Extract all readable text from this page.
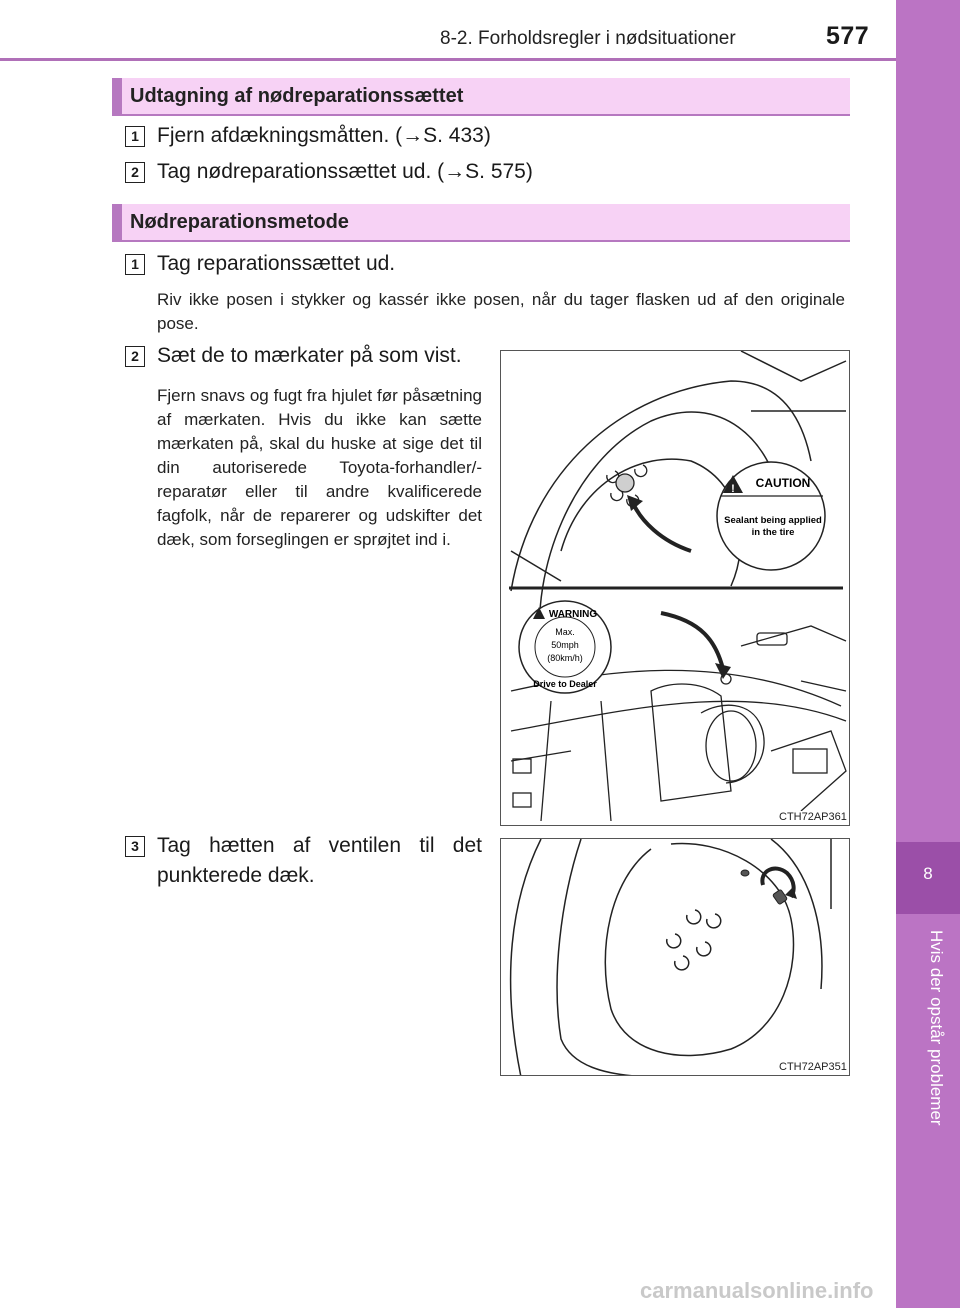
8-2. Forholdsregler i nødsituationer	577
8
Hvis der opstår problemer
Udtagning af nødreparationssættet
1 Fjern afdækningsmåtten. (→S. 433)
2 Tag nødreparationssættet ud. (→S. 575)
Nødreparationsmetode
1 Tag reparationssættet ud.
Riv ikke posen i stykker og kassér ikke posen, når du tager flasken ud af den originale pose.
2 Sæt de to mærkater på som vist.
Fjern snavs og fugt fra hjulet før påsætning af mærkaten. Hvis du ikke kan sætte mærkaten på, skal du huske at sige det til din autoriserede Toyota-forhandler/-reparatør eller til andre kvalificerede fagfolk, når de reparerer og udskifter det dæk, som forseglingen er sprøjtet ind i.
3 Tag hætten af ventilen til det
punkterede dæk.
! CAUTION
Sealant being applied
in the tire
WARNING
Max.
50mph
(80km/h)
Drive to Dealer
CTH72AP361
CTH72AP351
carmanualsonline.info
